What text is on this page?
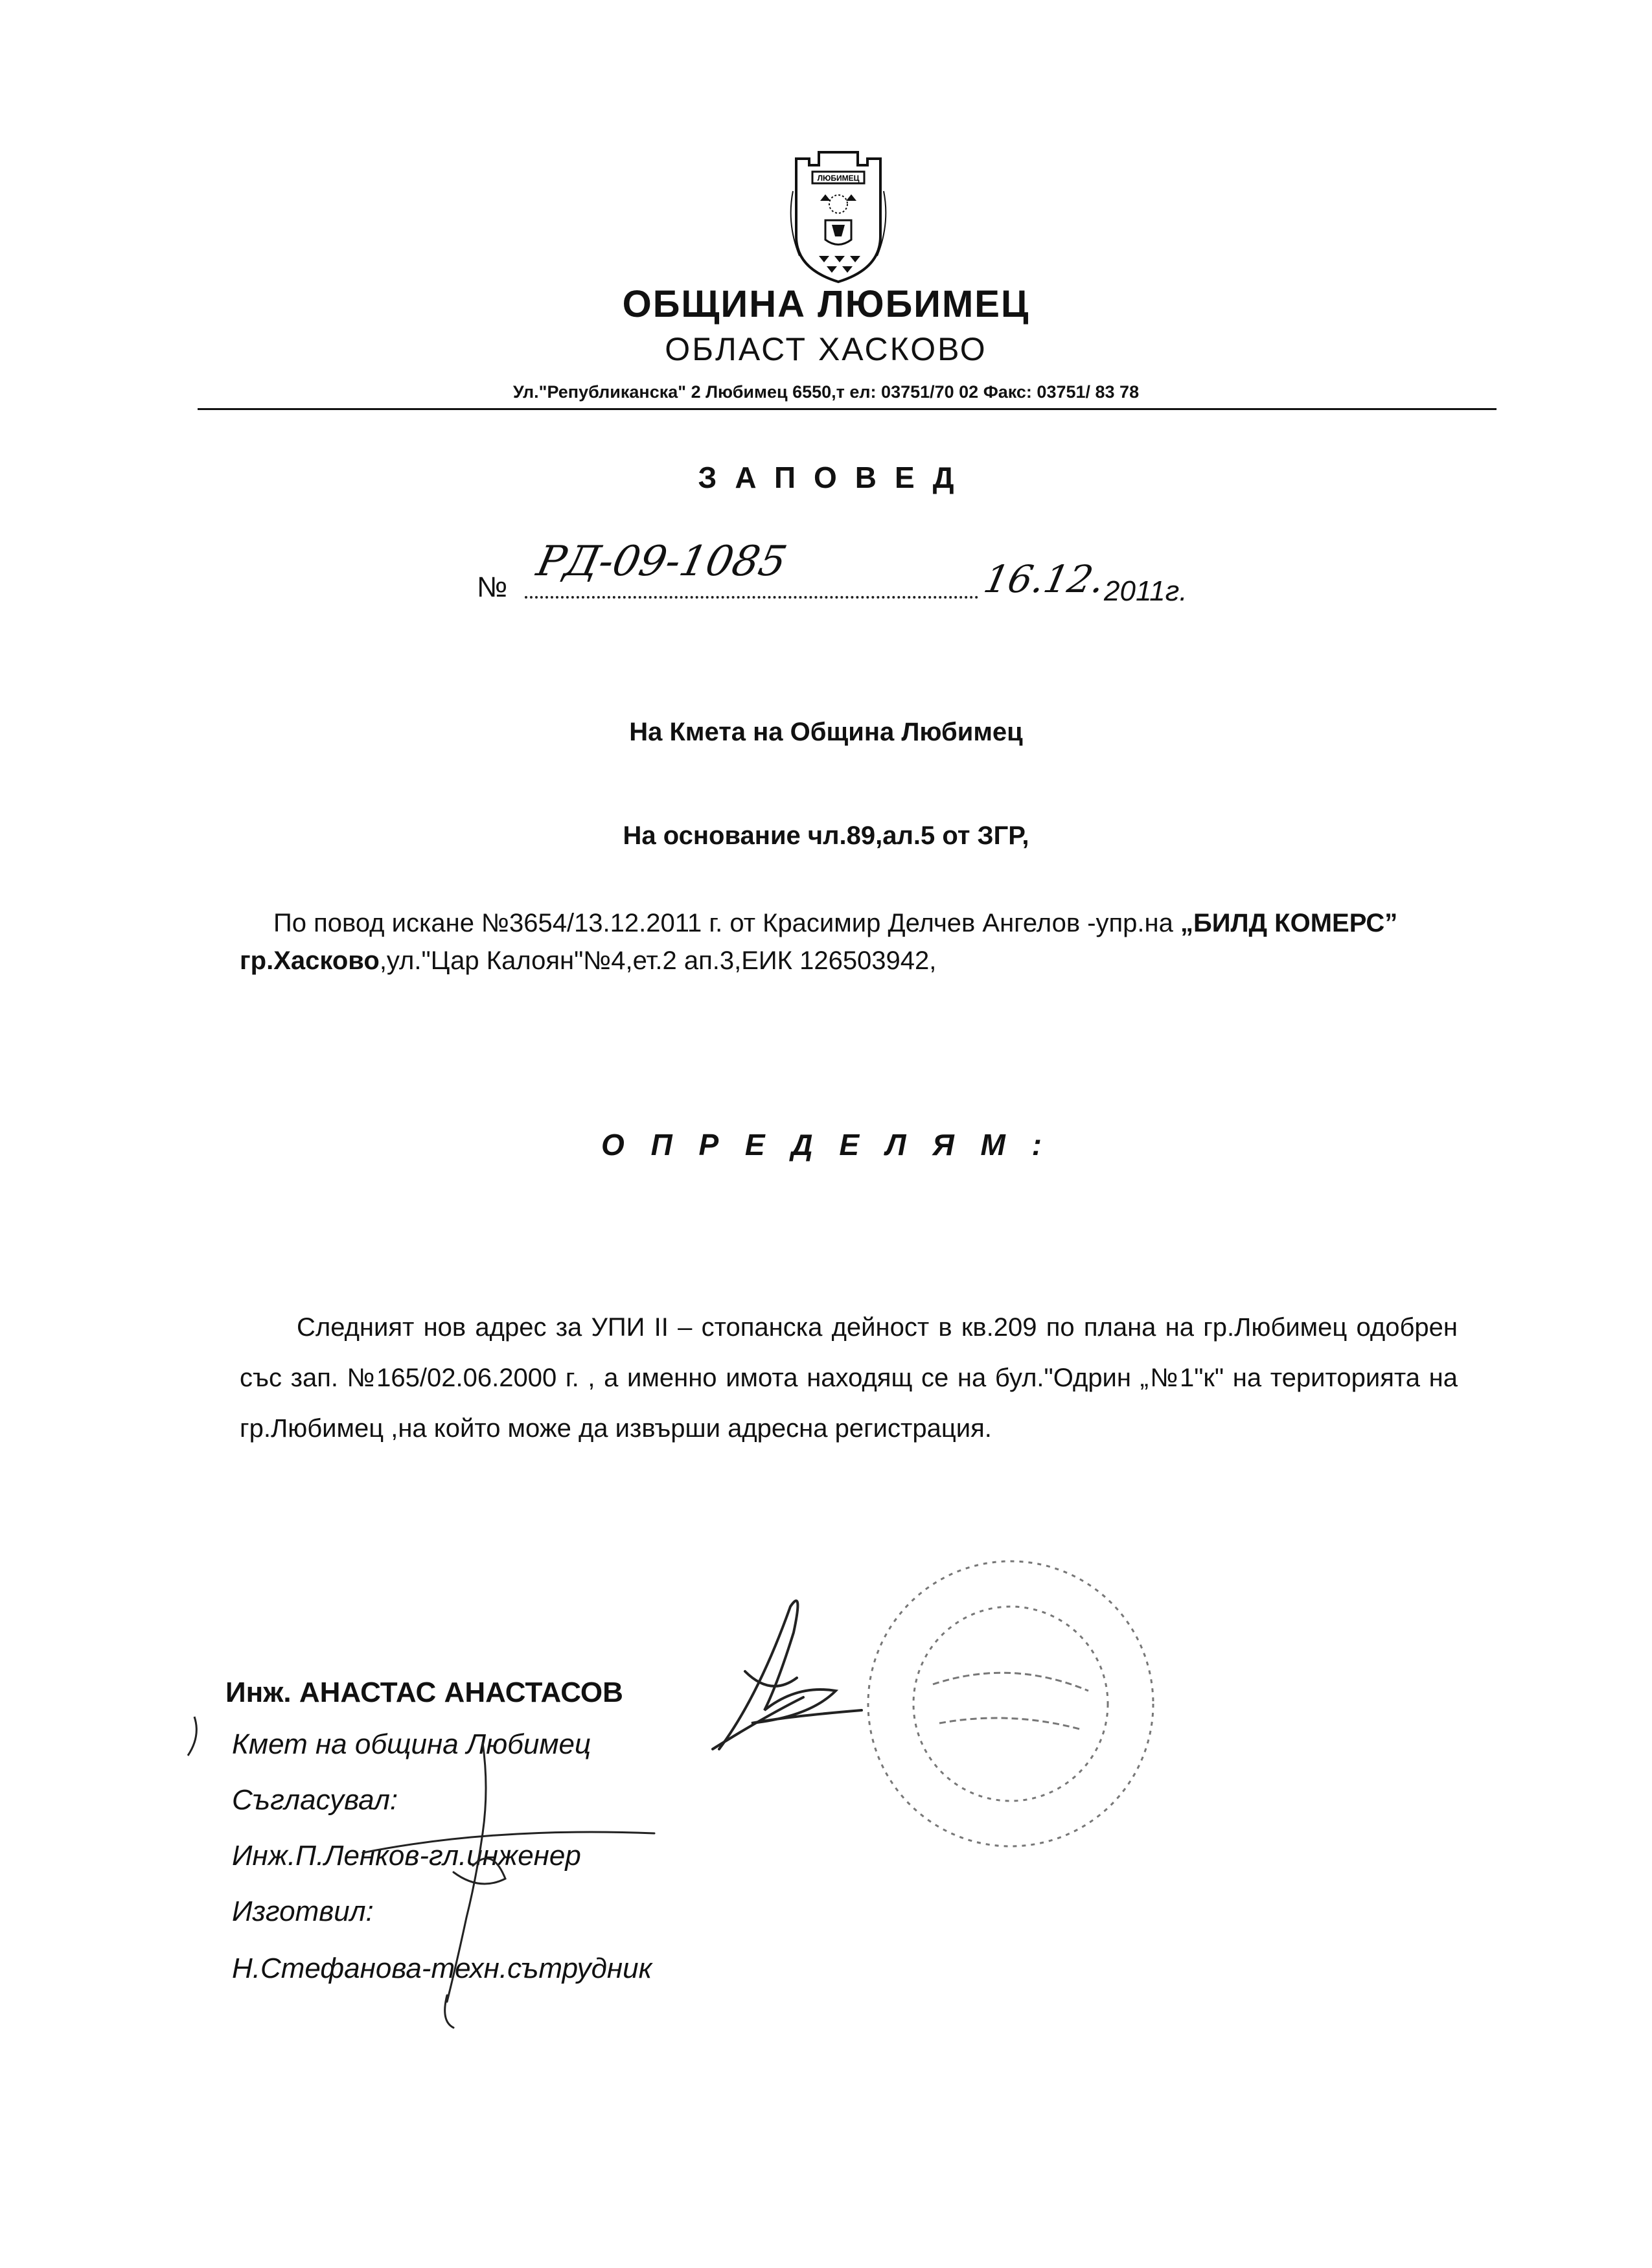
ЛЮБИМЕЦ
ОБЩИНА ЛЮБИМЕЦ
ОБЛАСТ ХАСКОВО
Ул."Републиканска" 2 Любимец 6550,т ел: 03751/70 02 Факс: 03751/ 83 78
ЗАПОВЕД
№
РД-09-1085	16.12.
2011г.
На Кмета на Община Любимец
На основание чл.89,ал.5 от ЗГР,
По повод искане №3654/13.12.2011 г. от Красимир Делчев Ангелов -упр.на „БИЛД КОМЕРС” гр.Хасково,ул."Цар Калоян"№4,ет.2 ап.3,ЕИК 126503942,
О П Р Е Д Е Л Я М :
Следният нов адрес за УПИ II – стопанска дейност в кв.209 по плана на гр.Любимец одобрен със зап. №165/02.06.2000 г. , а именно имота находящ се на бул."Одрин „№1"к" на територията на гр.Любимец ,на който може да извърши адресна регистрация.
Инж. АНАСТАС АНАСТАСОВ
Кмет на община Любимец
Съгласувал:
Инж.П.Ленков-гл.инженер
Изготвил:
Н.Стефанова-техн.сътрудник
